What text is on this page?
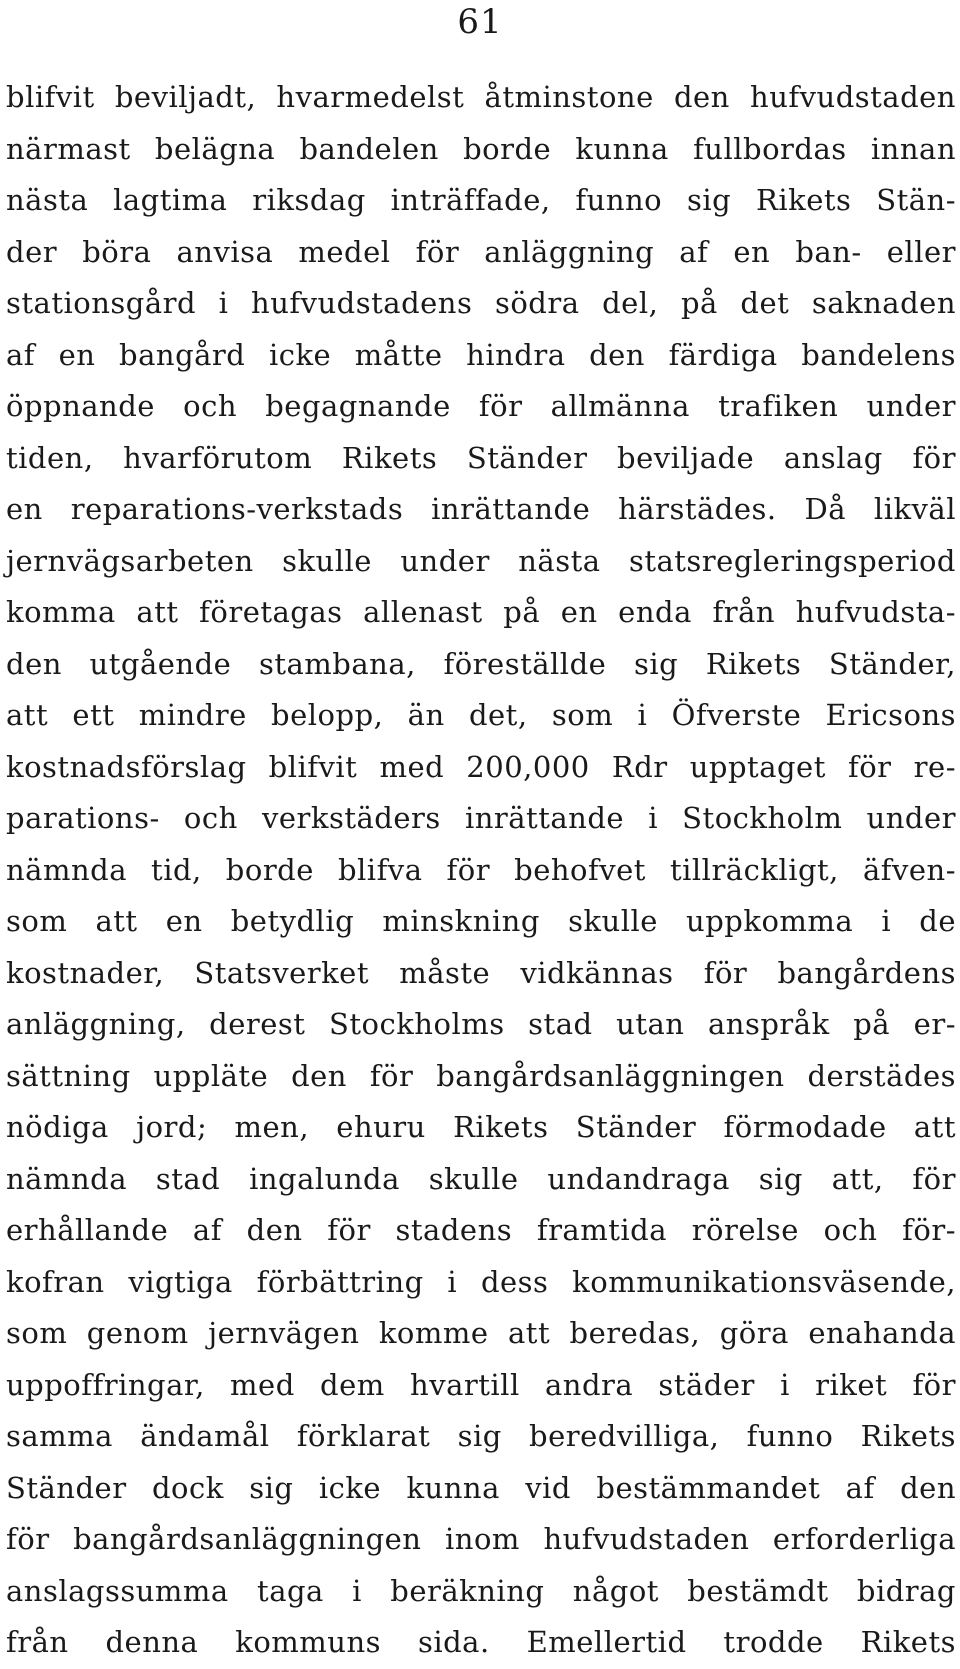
61
blifvit beviljadt, hvarmedelst åtminstone den hufvudstaden
närmast belägna bandelen borde kunna fullbordas innan
nästa lagtima riksdag inträffade, funno sig Rikets Stän-
der böra anvisa medel för anläggning af en ban- eller
stationsgård i hufvudstadens södra del, på det saknaden
af en bangård icke måtte hindra den färdiga bandelens
öppnande och begagnande för allmänna trafiken under
tiden, hvarförutom Rikets Ständer beviljade anslag för
en reparations-verkstads inrättande härstädes. Då likväl
jernvägsarbeten skulle under nästa statsregleringsperiod
komma att företagas allenast på en enda från hufvudsta-
den utgående stambana, föreställde sig Rikets Ständer,
att ett mindre belopp, än det, som i Öfverste Ericsons
kostnadsförslag blifvit med 200,000 Rdr upptaget för re-
parations- och verkstäders inrättande i Stockholm under
nämnda tid, borde blifva för behofvet tillräckligt, äfven-
som att en betydlig minskning skulle uppkomma i de
kostnader, Statsverket måste vidkännas för bangårdens
anläggning, derest Stockholms stad utan anspråk på er-
sättning uppläte den för bangårdsanläggningen derstädes
nödiga jord; men, ehuru Rikets Ständer förmodade att
nämnda stad ingalunda skulle undandraga sig att, för
erhållande af den för stadens framtida rörelse och för-
kofran vigtiga förbättring i dess kommunikationsväsende,
som genom jernvägen komme att beredas, göra enahanda
uppoffringar, med dem hvartill andra städer i riket för
samma ändamål förklarat sig beredvilliga, funno Rikets
Ständer dock sig icke kunna vid bestämmandet af den
för bangårdsanläggningen inom hufvudstaden erforderliga
anslagssumma taga i beräkning något bestämdt bidrag
från denna kommuns sida. Emellertid trodde Rikets
